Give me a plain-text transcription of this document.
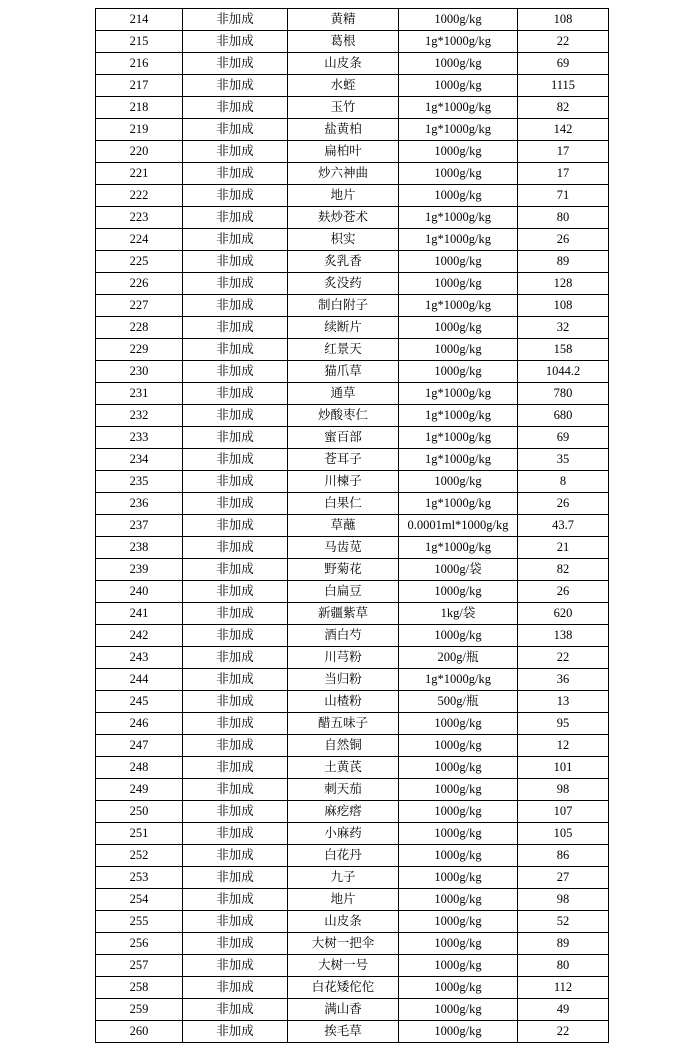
214	非加成	黄精	1000g/kg	108
215	非加成	葛根	1g*1000g/kg	22
216	非加成	山皮条	1000g/kg	69
217	非加成	水蛭	1000g/kg	1115
218	非加成	玉竹	1g*1000g/kg	82
219	非加成	盐黄柏	1g*1000g/kg	142
220	非加成	扁柏叶	1000g/kg	17
221	非加成	炒六神曲	1000g/kg	17
222	非加成	地片	1000g/kg	71
223	非加成	麸炒苍术	1g*1000g/kg	80
224	非加成	枳实	1g*1000g/kg	26
225	非加成	炙乳香	1000g/kg	89
226	非加成	炙没药	1000g/kg	128
227	非加成	制白附子	1g*1000g/kg	108
228	非加成	续断片	1000g/kg	32
229	非加成	红景天	1000g/kg	158
230	非加成	猫爪草	1000g/kg	1044.2
231	非加成	通草	1g*1000g/kg	780
232	非加成	炒酸枣仁	1g*1000g/kg	680
233	非加成	蜜百部	1g*1000g/kg	69
234	非加成	苍耳子	1g*1000g/kg	35
235	非加成	川楝子	1000g/kg	8
236	非加成	白果仁	1g*1000g/kg	26
237	非加成	草蘸	0.0001ml*1000g/kg	43.7
238	非加成	马齿苋	1g*1000g/kg	21
239	非加成	野菊花	1000g/袋	82
240	非加成	白扁豆	1000g/kg	26
241	非加成	新疆紫草	1kg/袋	620
242	非加成	酒白芍	1000g/kg	138
243	非加成	川芎粉	200g/瓶	22
244	非加成	当归粉	1g*1000g/kg	36
245	非加成	山楂粉	500g/瓶	13
246	非加成	醋五味子	1000g/kg	95
247	非加成	自然铜	1000g/kg	12
248	非加成	土黄芪	1000g/kg	101
249	非加成	刺天茄	1000g/kg	98
250	非加成	麻疙瘩	1000g/kg	107
251	非加成	小麻药	1000g/kg	105
252	非加成	白花丹	1000g/kg	86
253	非加成	九子	1000g/kg	27
254	非加成	地片	1000g/kg	98
255	非加成	山皮条	1000g/kg	52
256	非加成	大树一把伞	1000g/kg	89
257	非加成	大树一号	1000g/kg	80
258	非加成	白花矮佗佗	1000g/kg	112
259	非加成	满山香	1000g/kg	49
260	非加成	挨毛草	1000g/kg	22
